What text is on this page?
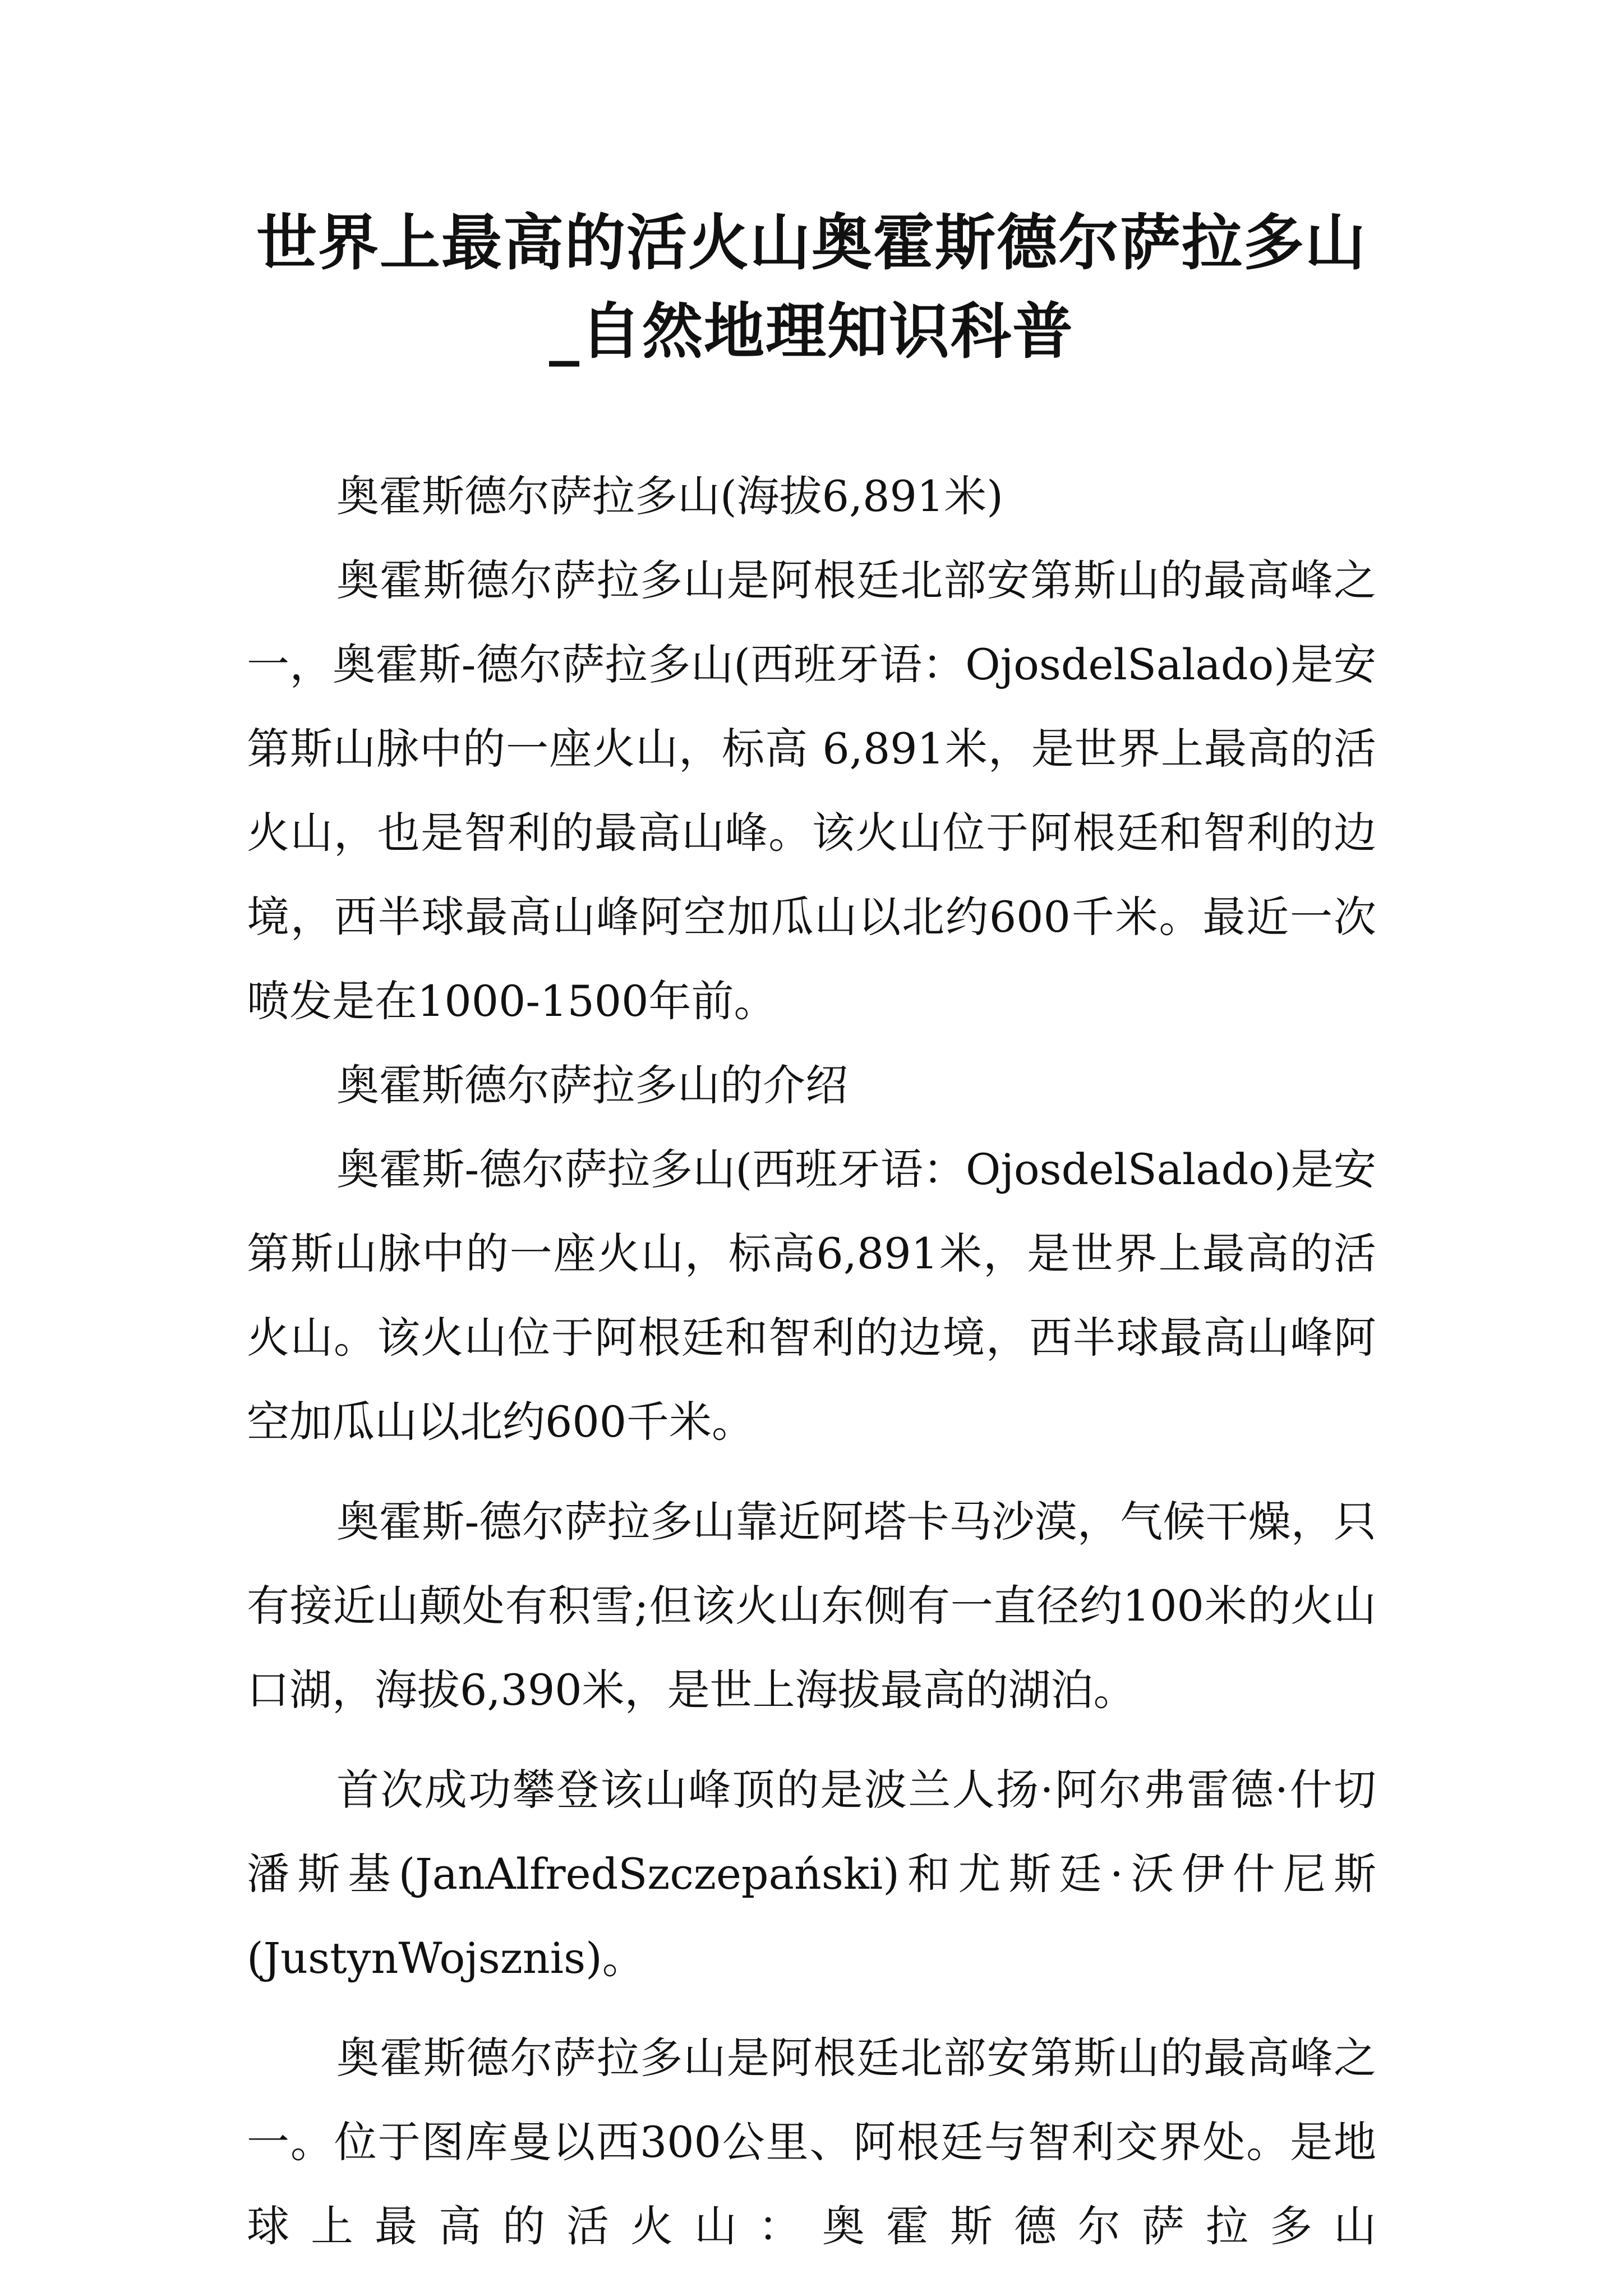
世界上最高的活火山奥霍斯德尔萨拉多山_自然地理知识科普

奥霍斯德尔萨拉多山(海拔6,891米)

奥霍斯德尔萨拉多山是阿根廷北部安第斯山的最高峰之一，奥霍斯-德尔萨拉多山(西班牙语：OjosdelSalado)是安第斯山脉中的一座火山，标高 6,891米，是世界上最高的活火山，也是智利的最高山峰。该火山位于阿根廷和智利的边境，西半球最高山峰阿空加瓜山以北约600千米。最近一次喷发是在1000-1500年前。

奥霍斯德尔萨拉多山的介绍

奥霍斯-德尔萨拉多山(西班牙语：OjosdelSalado)是安第斯山脉中的一座火山，标高6,891米，是世界上最高的活火山。该火山位于阿根廷和智利的边境，西半球最高山峰阿空加瓜山以北约600千米。

奥霍斯-德尔萨拉多山靠近阿塔卡马沙漠，气候干燥，只有接近山颠处有积雪;但该火山东侧有一直径约100米的火山口湖，海拔6,390米，是世上海拔最高的湖泊。

首次成功攀登该山峰顶的是波兰人扬·阿尔弗雷德·什切潘斯基(JanAlfredSzczepański)和尤斯廷·沃伊什尼斯(JustynWojsznis)。

奥霍斯德尔萨拉多山是阿根廷北部安第斯山的最高峰之一。位于图库曼以西300公里、阿根廷与智利交界处。是地球上最高的活火山：奥霍斯德尔萨拉多山
